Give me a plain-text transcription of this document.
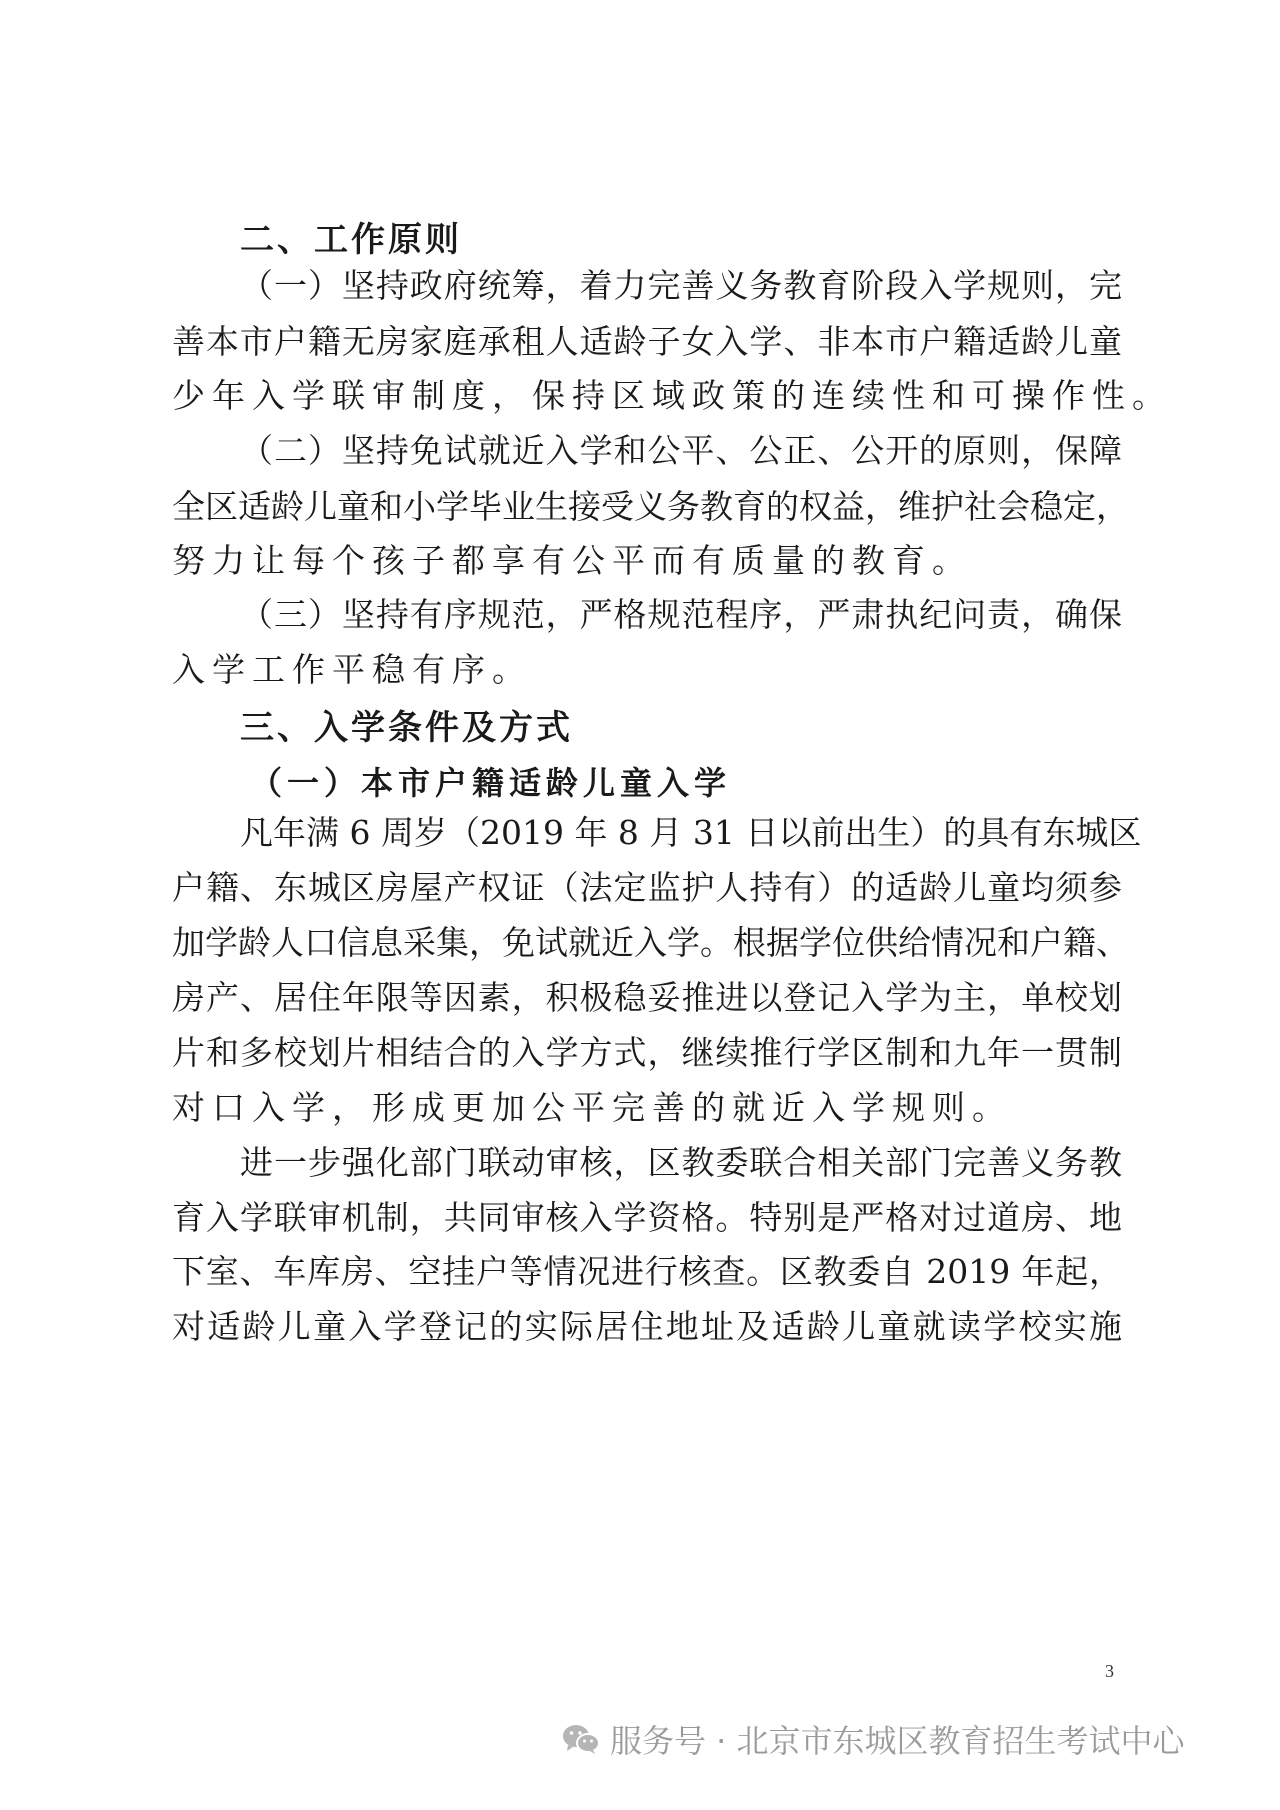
二、工作原则
（一）坚持政府统筹，着力完善义务教育阶段入学规则，完
善本市户籍无房家庭承租人适龄子女入学、非本市户籍适龄儿童
少年入学联审制度，保持区域政策的连续性和可操作性。
（二）坚持免试就近入学和公平、公正、公开的原则，保障
全区适龄儿童和小学毕业生接受义务教育的权益，维护社会稳定，
努力让每个孩子都享有公平而有质量的教育。
（三）坚持有序规范，严格规范程序，严肃执纪问责，确保
入学工作平稳有序。
三、入学条件及方式
（一）本市户籍适龄儿童入学
凡年满 6 周岁（2019 年 8 月 31 日以前出生）的具有东城区
户籍、东城区房屋产权证（法定监护人持有）的适龄儿童均须参
加学龄人口信息采集，免试就近入学。根据学位供给情况和户籍、
房产、居住年限等因素，积极稳妥推进以登记入学为主，单校划
片和多校划片相结合的入学方式，继续推行学区制和九年一贯制
对口入学，形成更加公平完善的就近入学规则。
进一步强化部门联动审核，区教委联合相关部门完善义务教
育入学联审机制，共同审核入学资格。特别是严格对过道房、地
下室、车库房、空挂户等情况进行核查。区教委自 2019 年起，
对适龄儿童入学登记的实际居住地址及适龄儿童就读学校实施
3
服务号 · 北京市东城区教育招生考试中心
